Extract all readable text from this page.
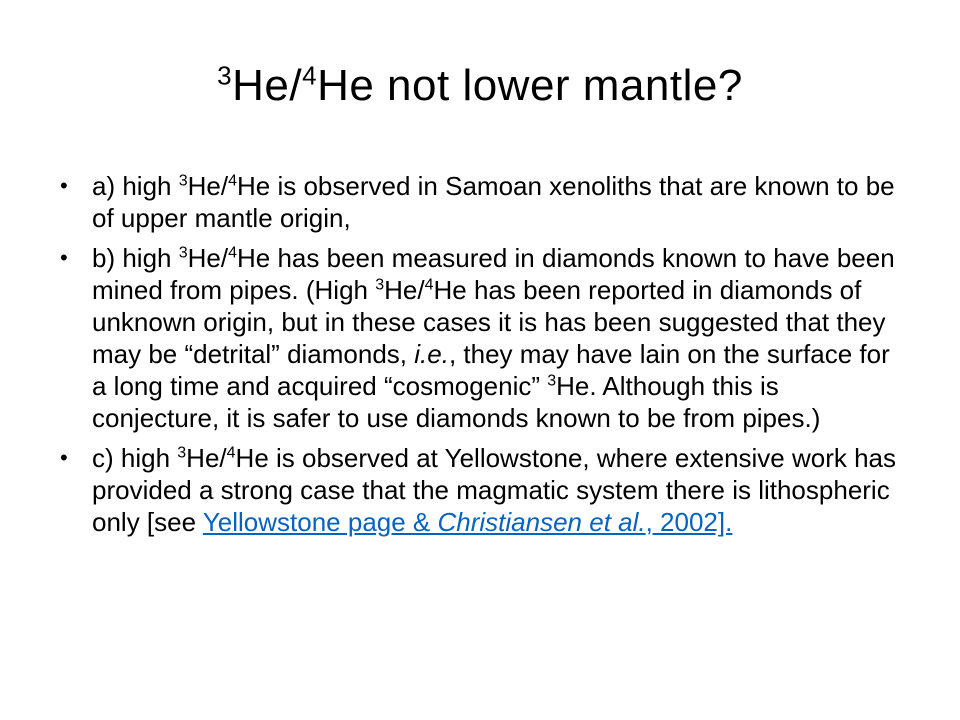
$^3$He/$^4$He not lower mantle?
• a) high $^3$He/$^4$He is observed in Samoan xenoliths that are known to be of upper mantle origin,
• b) high $^3$He/$^4$He has been measured in diamonds known to have been mined from pipes. (High $^3$He/$^4$He has been reported in diamonds of unknown origin, but in these cases it is has been suggested that they may be “detrital” diamonds, i.e., they may have lain on the surface for a long time and acquired “cosmogenic” $^3$He. Although this is conjecture, it is safer to use diamonds known to be from pipes.)
• c) high $^3$He/$^4$He is observed at Yellowstone, where extensive work has provided a strong case that the magmatic system there is lithospheric only [see Yellowstone page & Christiansen et al., 2002].
